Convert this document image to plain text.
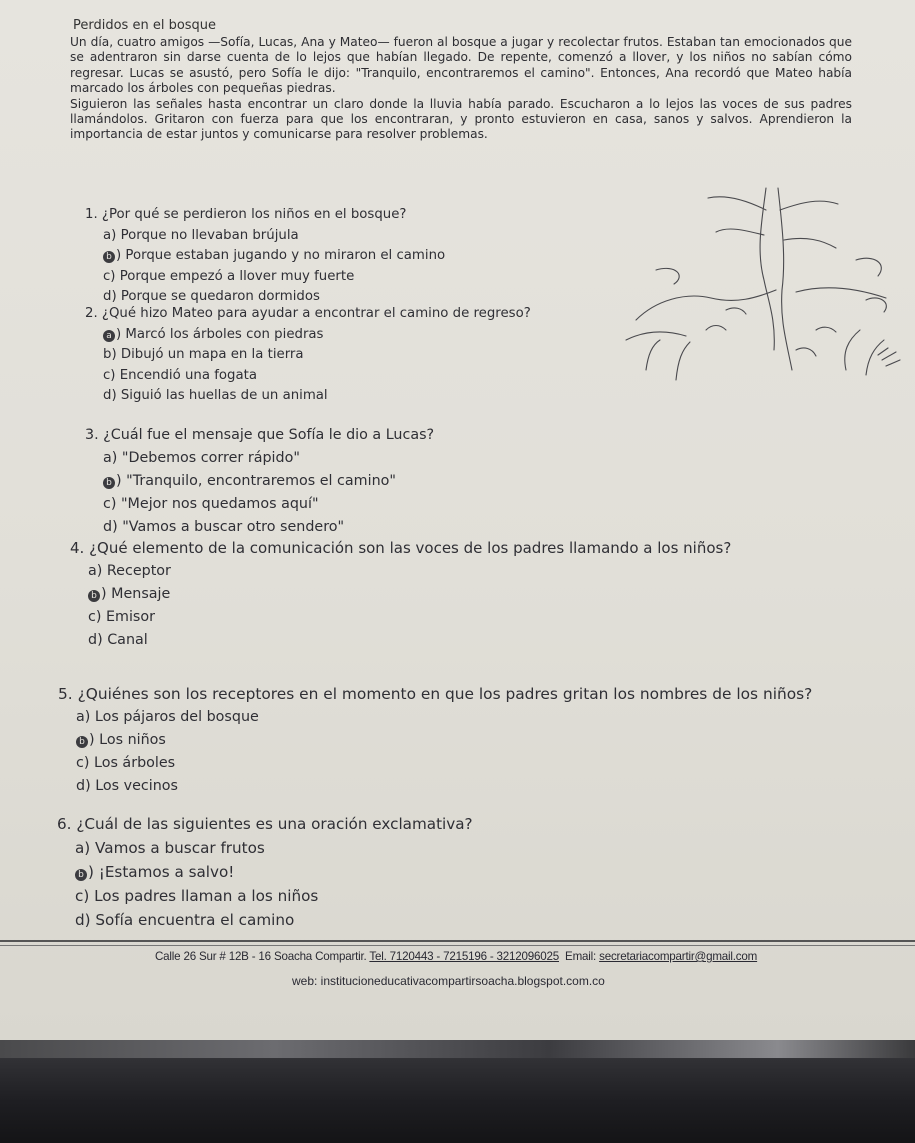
Perdidos en el bosque

Un día, cuatro amigos —Sofía, Lucas, Ana y Mateo— fueron al bosque a jugar y recolectar frutos. Estaban tan emocionados que se adentraron sin darse cuenta de lo lejos que habían llegado. De repente, comenzó a llover, y los niños no sabían cómo regresar. Lucas se asustó, pero Sofía le dijo: "Tranquilo, encontraremos el camino". Entonces, Ana recordó que Mateo había marcado los árboles con pequeñas piedras.

Siguieron las señales hasta encontrar un claro donde la lluvia había parado. Escucharon a lo lejos las voces de sus padres llamándolos. Gritaron con fuerza para que los encontraran, y pronto estuvieron en casa, sanos y salvos. Aprendieron la importancia de estar juntos y comunicarse para resolver problemas.

1. ¿Por qué se perdieron los niños en el bosque?

a) Porque no llevaban brújula

b ) Porque estaban jugando y no miraron el camino

c) Porque empezó a llover muy fuerte

d) Porque se quedaron dormidos

2. ¿Qué hizo Mateo para ayudar a encontrar el camino de regreso?

a ) Marcó los árboles con piedras

b) Dibujó un mapa en la tierra

c) Encendió una fogata

d) Siguió las huellas de un animal

3. ¿Cuál fue el mensaje que Sofía le dio a Lucas?

a) "Debemos correr rápido"

b ) "Tranquilo, encontraremos el camino"

c) "Mejor nos quedamos aquí"

d) "Vamos a buscar otro sendero"

4. ¿Qué elemento de la comunicación son las voces de los padres llamando a los niños?

a) Receptor

b ) Mensaje

c) Emisor

d) Canal

5. ¿Quiénes son los receptores en el momento en que los padres gritan los nombres de los niños?

a) Los pájaros del bosque

b ) Los niños

c) Los árboles

d) Los vecinos

6. ¿Cuál de las siguientes es una oración exclamativa?

a) Vamos a buscar frutos

b ) ¡Estamos a salvo!

c) Los padres llaman a los niños

d) Sofía encuentra el camino

Calle 26 Sur # 12B - 16 Soacha Compartir. Tel. 7120443 - 7215196 - 3212096025 Email: secretariacompartir@gmail.com
web: institucioneducativacompartirsoacha.blogspot.com.co
